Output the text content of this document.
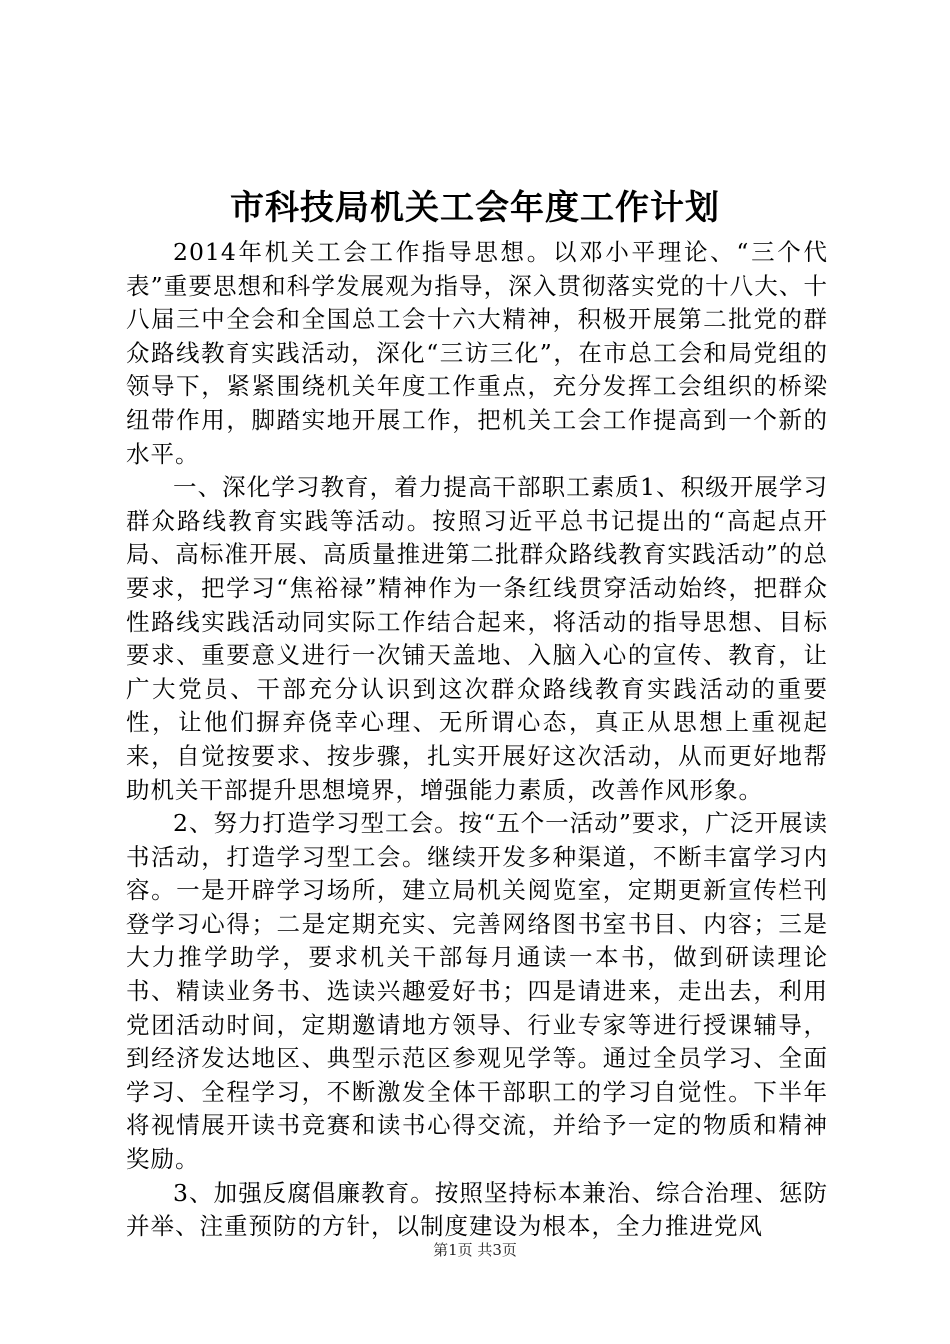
市科技局机关工会年度工作计划

2014年机关工会工作指导思想。以邓小平理论、“三个代表”重要思想和科学发展观为指导，深入贯彻落实党的十八大、十八届三中全会和全国总工会十六大精神，积极开展第二批党的群众路线教育实践活动，深化“三访三化”，在市总工会和局党组的领导下，紧紧围绕机关年度工作重点，充分发挥工会组织的桥梁纽带作用，脚踏实地开展工作，把机关工会工作提高到一个新的水平。

一、深化学习教育，着力提高干部职工素质1、积级开展学习群众路线教育实践等活动。按照习近平总书记提出的“高起点开局、高标准开展、高质量推进第二批群众路线教育实践活动”的总要求，把学习“焦裕禄”精神作为一条红线贯穿活动始终，把群众性路线实践活动同实际工作结合起来，将活动的指导思想、目标要求、重要意义进行一次铺天盖地、入脑入心的宣传、教育，让广大党员、干部充分认识到这次群众路线教育实践活动的重要性，让他们摒弃侥幸心理、无所谓心态，真正从思想上重视起来，自觉按要求、按步骤，扎实开展好这次活动，从而更好地帮助机关干部提升思想境界，增强能力素质，改善作风形象。

2、努力打造学习型工会。按“五个一活动”要求，广泛开展读书活动，打造学习型工会。继续开发多种渠道，不断丰富学习内容。一是开辟学习场所，建立局机关阅览室，定期更新宣传栏刊登学习心得；二是定期充实、完善网络图书室书目、内容；三是大力推学助学，要求机关干部每月通读一本书，做到研读理论书、精读业务书、选读兴趣爱好书；四是请进来，走出去，利用党团活动时间，定期邀请地方领导、行业专家等进行授课辅导，到经济发达地区、典型示范区参观见学等。通过全员学习、全面学习、全程学习，不断激发全体干部职工的学习自觉性。下半年将视情展开读书竞赛和读书心得交流，并给予一定的物质和精神奖励。

3、加强反腐倡廉教育。按照坚持标本兼治、综合治理、惩防并举、注重预防的方针，以制度建设为根本，全力推进党风

第1页 共3页
